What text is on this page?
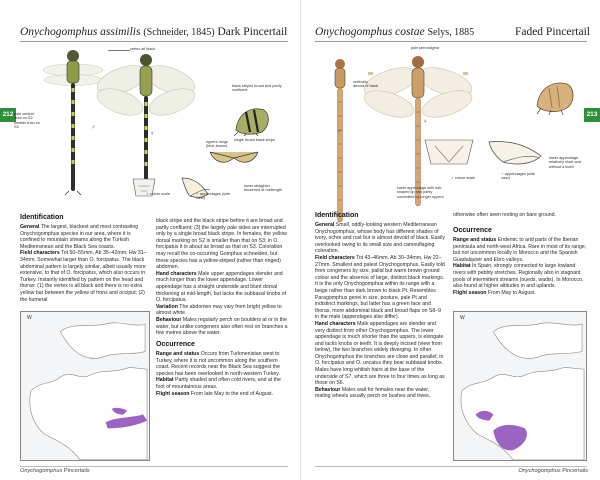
Onychogomphus assimilis (Schneider, 1845) Dark Pincertail
212
vertex all black
pale central area on S2 smaller than on S3	♂
♀
black stripes broad and partly confluent
single broad black stripe
uppers tongs (blue-brown)
♀ vulvar scale	♂ appendages (side view)
lower straighter, thickened at midlength
Identification

General The largest, blackest and most contrasting Onychogomphus species in our area, where it is confined to mountain streams along the Turkish Mediterranean and the Black Sea coasts.

Field characters Tot 50–55mm, Ab 35–42mm, Hw 31–34mm. Somewhat larger than O. forcipatus. The black abdominal pattern is largely similar, albeit usually more extensive, to that of O. forcipatus, which also occurs in Turkey. Instantly identified by pattern on the head and thorax: (1) the vertex is all black and there is no extra yellow bar between the yellow of frons and occiput; (2) the humeral

black stripe and the black stripe before it are broad and partly confluent; (3) the largely pale sides are interrupted only by a single broad black stripe. In females, the yellow dorsal marking on S2 is smaller than that on S3; in O. forcipatus it is about as broad as that on S3. Coloration may recall the co-occurring Gomphus schneideri, but these species has a yellow-striped (rather than ringed) abdomen.

Hand characters Male upper appendages slender and much longer than the lower appendage. Lower appendage has a straight underside and blunt dorsal thickening at mid-length, but lacks the subbasal knobs of O. forcipatus.

Variation The abdomen may vary from bright yellow to almost white.

Behaviour Males regularly perch on boulders at or in the water, but unlike congeners also often rest on branches a few metres above the water.

Occurrence

Range and status Occurs from Turkmenistan west to Turkey, where it is not uncommon along the southern coast. Recent records near the Black Sea suggest the species has been overlooked in north-western Turkey.

Habitat Partly shaded and often cold rivers, and at the foot of mountainous areas.

Flight season From late May to the end of August.

W
Onychogomphus Pincertails
Onychogomphus costae Selys, 1885	Faded Pincertail
213
pale pterostigma
vertically devoid of black
♂
♀
lower appendage with hair-shaped tip and partly concealed by longer uppers
♀ vulvar scale
♂ appendages (side view)
lower appendage relatively short and without a tooth
Identification

General Small, oddly-looking western Mediterranean Onychogomphus, whose body has different shades of ivory, ochre and rust but is almost devoid of black. Easily overlooked owing to its small size and camouflaging coloration.

Field characters Tot 43–46mm, Ab 30–34mm, Hw 22–27mm. Smallest and palest Onychogomphus. Easily told from congeners by size, pallid but warm brown ground colour and the absence of large, distinct black markings. It is the only Onychogomphus within its range with a beige rather than dark brown to black Pt. Resembles Paragomphus genei in size, posture, pale Pt and indistinct markings, but latter has a green face and thorax, more abdominal black and broad flaps on S8–9 in the male (appendages also differ).

Hand characters Male appendages are slender and very distinct from other Onychogomphus. The lower appendage is much shorter than the uppers, is elongate and lacks knobs or teeth. It is deeply incised (view from below), the two branches widely diverging. In other Onychogomphus the branches are close and parallel; in O. forcipatus and O. uncatus they bear subbasal knobs. Males have long whitish hairs at the base of the underside of S7, which are three to four times as long as those on S6.

Behaviour Males wait for females near the water, mating wheels usually perch on bushes and trees,

otherwise often seen resting on bare ground.

Occurrence

Range and status Endemic to arid parts of the Iberian peninsula and north-west Africa. Rare in most of its range, but not uncommon locally in Morocco and the Spanish Guadalquivir and Ebro valleys.

Habitat In Spain, strongly connected to large lowland rivers with pebbly stretches. Regionally also in stagnant pools of intermittent streams (oueds, wadis). In Morocco, also found at higher altitudes in and uplands.

Flight season From May to August.

W
Onychogomphus Pincertails
